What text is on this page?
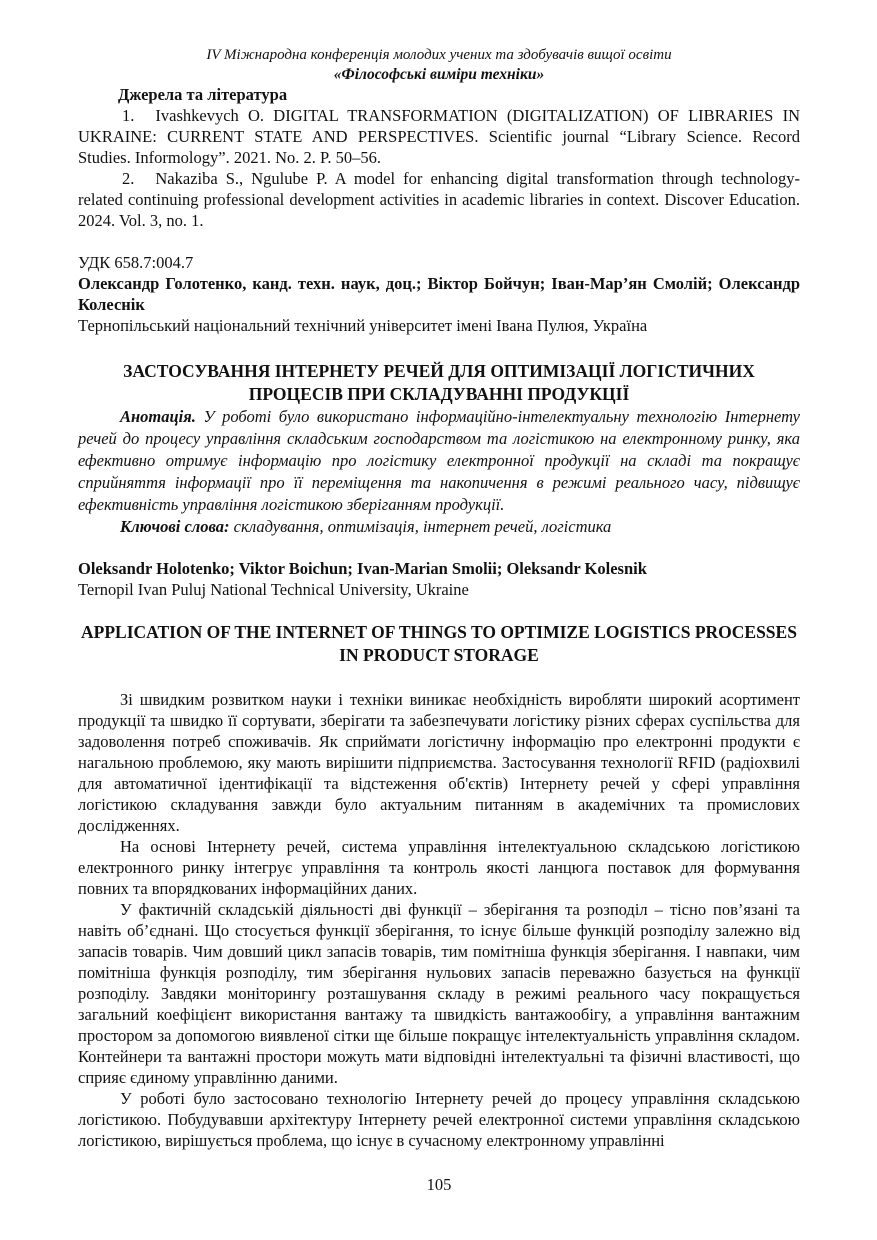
IV Міжнародна конференція молодих учених та здобувачів вищої освіти

«Філософські виміри техніки»

Джерела та література

1. Ivashkevych O. DIGITAL TRANSFORMATION (DIGITALIZATION) OF LIBRARIES IN UKRAINE: CURRENT STATE AND PERSPECTIVES. Scientific journal “Library Science. Record Studies. Informology”. 2021. No. 2. P. 50–56.

2. Nakaziba S., Ngulube P. A model for enhancing digital transformation through technology-related continuing professional development activities in academic libraries in context. Discover Education. 2024. Vol. 3, no. 1.

УДК 658.7:004.7

Олександр Голотенко, канд. техн. наук, доц.; Віктор Бойчун; Іван-Мар’ян Смолій; Олександр Колеснік

Тернопільський національний технічний університет імені Івана Пулюя, Україна

ЗАСТОСУВАННЯ ІНТЕРНЕТУ РЕЧЕЙ ДЛЯ ОПТИМІЗАЦІЇ ЛОГІСТИЧНИХ ПРОЦЕСІВ ПРИ СКЛАДУВАННІ ПРОДУКЦІЇ

Анотація. У роботі було використано інформаційно-інтелектуальну технологію Інтернету речей до процесу управління складським господарством та логістикою на електронному ринку, яка ефективно отримує інформацію про логістику електронної продукції на складі та покращує сприйняття інформації про її переміщення та накопичення в режимі реального часу, підвищує ефективність управління логістикою зберіганням продукції.

Ключові слова: складування, оптимізація, інтернет речей, логістика

Oleksandr Holotenko; Viktor Boichun; Ivan-Marian Smolii; Oleksandr Kolesnik

Ternopil Ivan Puluj National Technical University, Ukraine

APPLICATION OF THE INTERNET OF THINGS TO OPTIMIZE LOGISTICS PROCESSES IN PRODUCT STORAGE

Зі швидким розвитком науки і техніки виникає необхідність виробляти широкий асортимент продукції та швидко її сортувати, зберігати та забезпечувати логістику різних сферах суспільства для задоволення потреб споживачів. Як сприймати логістичну інформацію про електронні продукти є нагальною проблемою, яку мають вирішити підприємства. Застосування технології RFID (радіохвилі для автоматичної ідентифікації та відстеження об'єктів) Інтернету речей у сфері управління логістикою складування завжди було актуальним питанням в академічних та промислових дослідженнях.

На основі Інтернету речей, система управління інтелектуальною складською логістикою електронного ринку інтегрує управління та контроль якості ланцюга поставок для формування повних та впорядкованих інформаційних даних.

У фактичній складській діяльності дві функції – зберігання та розподіл – тісно пов’язані та навіть об’єднані. Що стосується функції зберігання, то існує більше функцій розподілу залежно від запасів товарів. Чим довший цикл запасів товарів, тим помітніша функція зберігання. І навпаки, чим помітніша функція розподілу, тим зберігання нульових запасів переважно базується на функції розподілу. Завдяки моніторингу розташування складу в режимі реального часу покращується загальний коефіцієнт використання вантажу та швидкість вантажообігу, а управління вантажним простором за допомогою виявленої сітки ще більше покращує інтелектуальність управління складом. Контейнери та вантажні простори можуть мати відповідні інтелектуальні та фізичні властивості, що сприяє єдиному управлінню даними.

У роботі було застосовано технологію Інтернету речей до процесу управління складською логістикою. Побудувавши архітектуру Інтернету речей електронної системи управління складською логістикою, вирішується проблема, що існує в сучасному електронному управлінні

105
